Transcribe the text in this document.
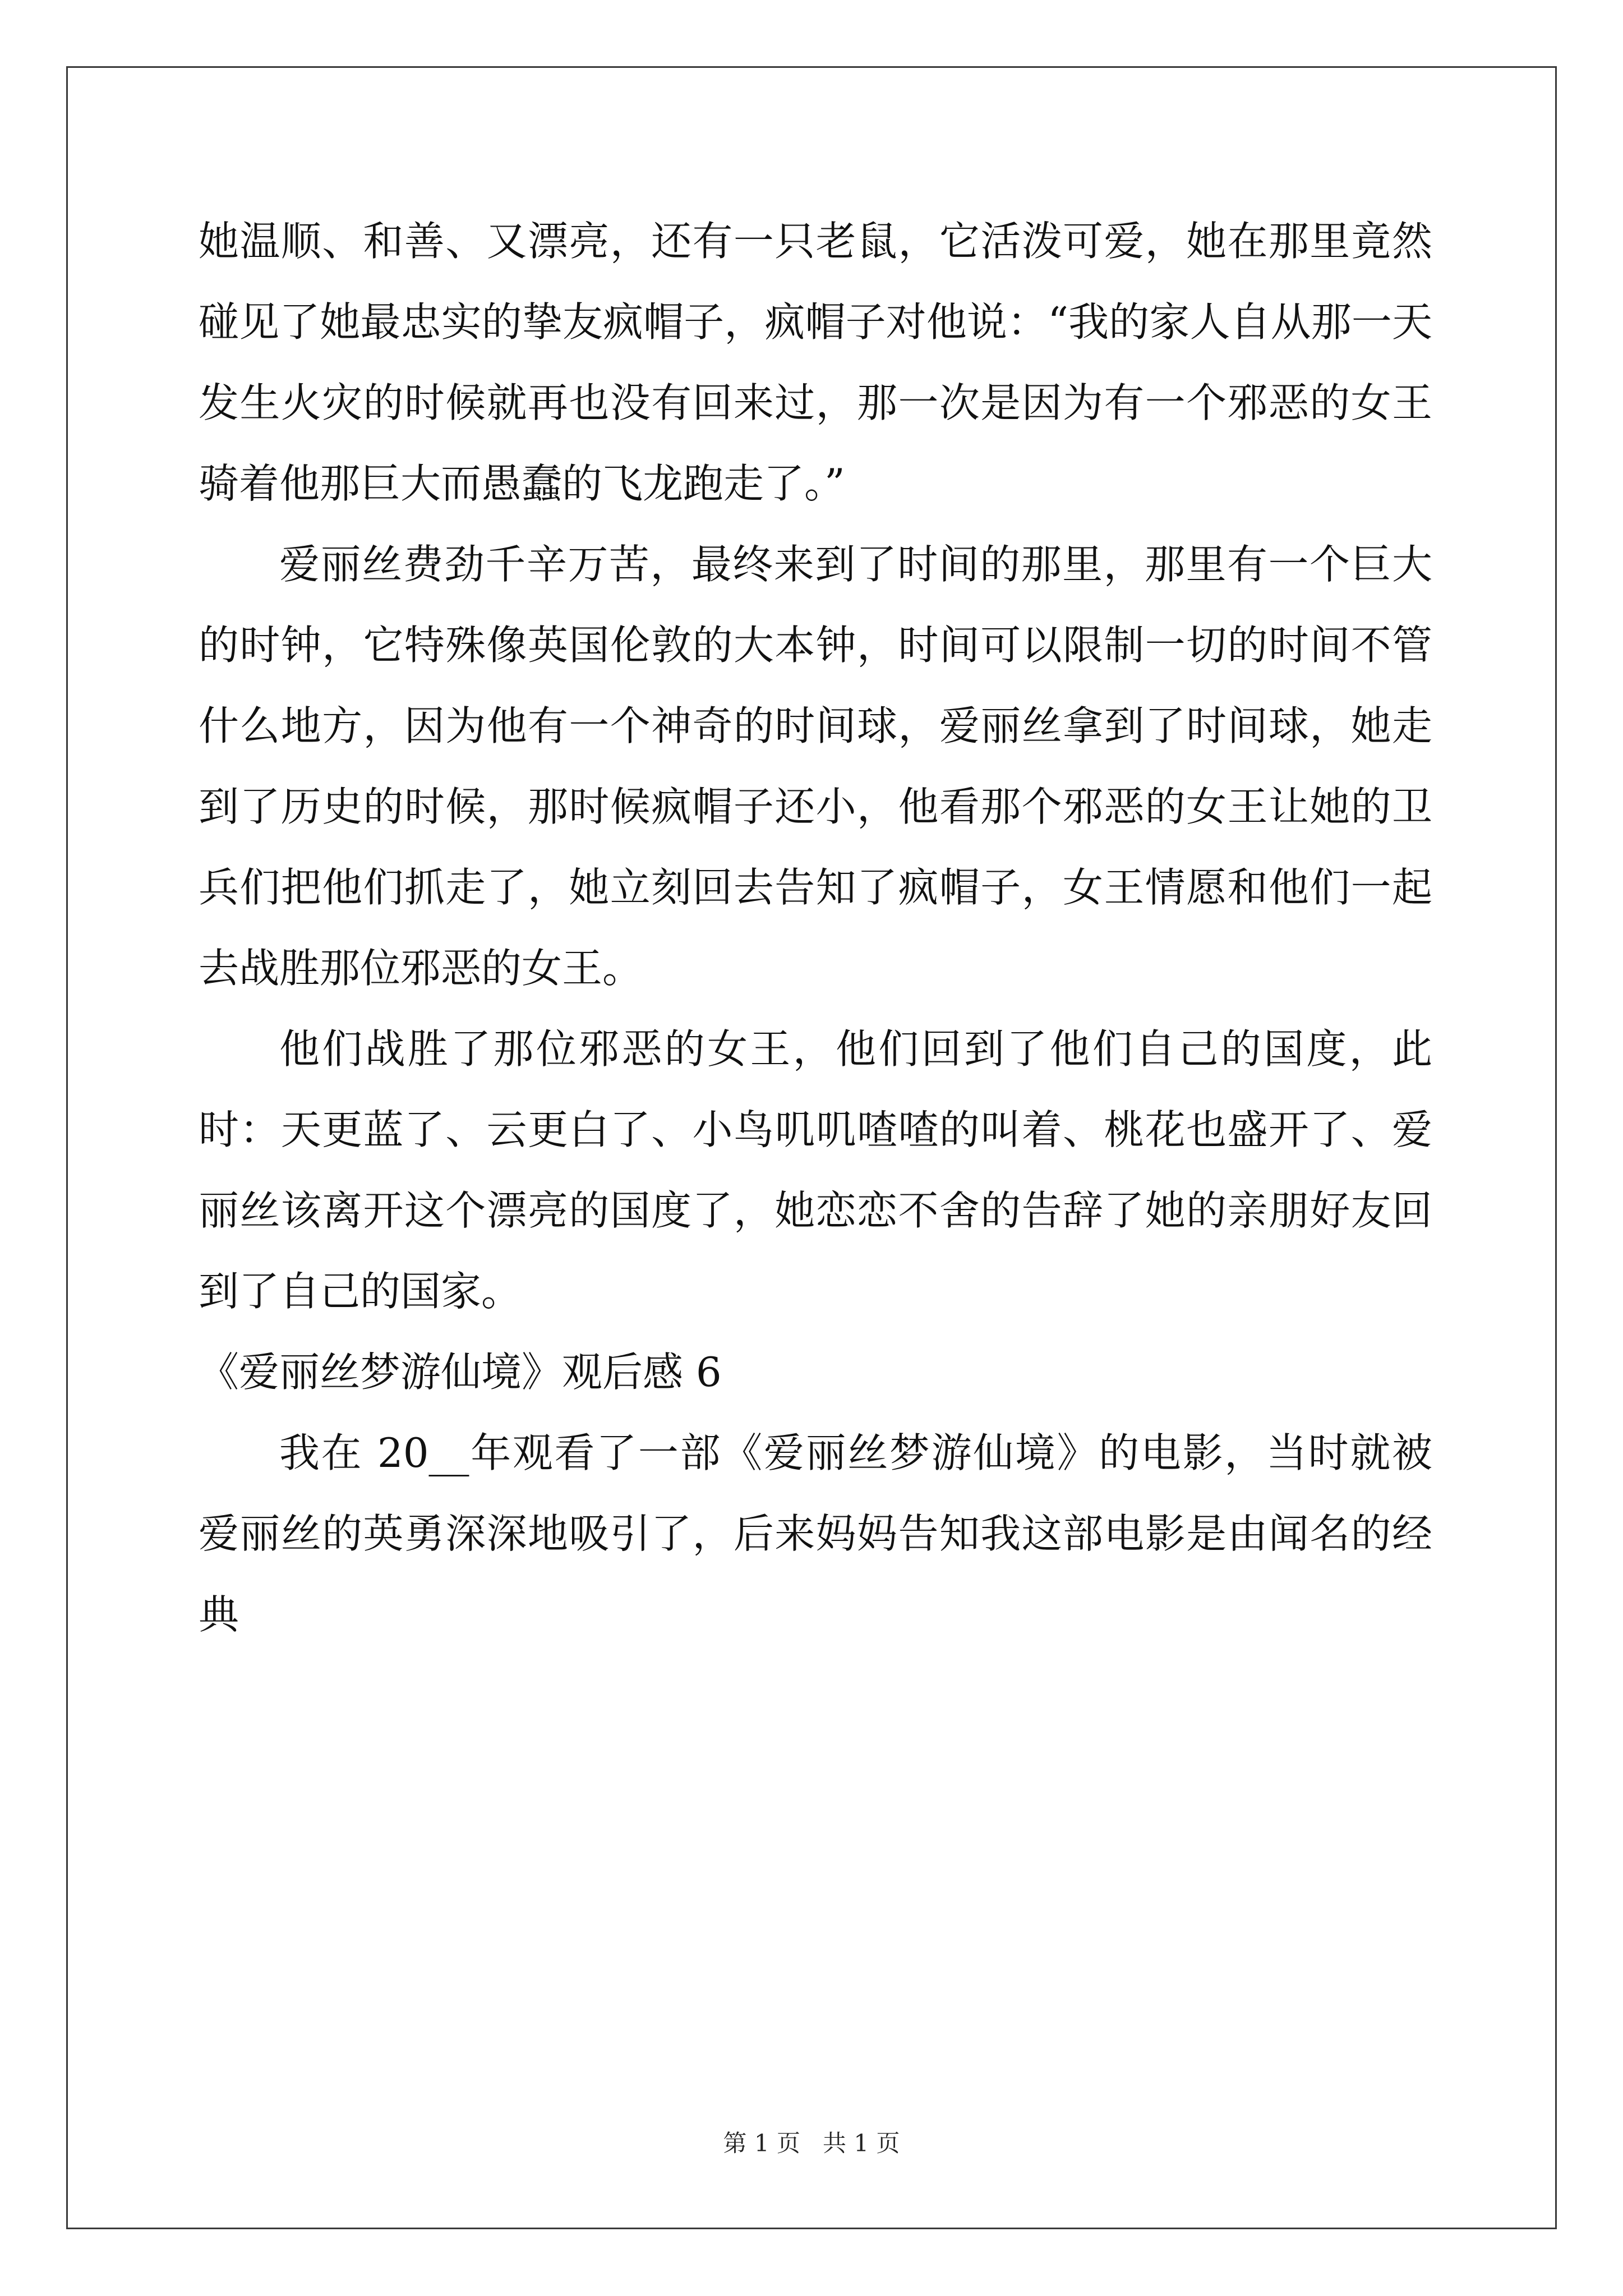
她温顺、和善、又漂亮，还有一只老鼠，它活泼可爱，她在那里竟然碰见了她最忠实的挚友疯帽子，疯帽子对他说：“我的家人自从那一天发生火灾的时候就再也没有回来过，那一次是因为有一个邪恶的女王骑着他那巨大而愚蠢的飞龙跑走了。”

爱丽丝费劲千辛万苦，最终来到了时间的那里，那里有一个巨大的时钟，它特殊像英国伦敦的大本钟，时间可以限制一切的时间不管什么地方，因为他有一个神奇的时间球，爱丽丝拿到了时间球，她走到了历史的时候，那时候疯帽子还小，他看那个邪恶的女王让她的卫兵们把他们抓走了，她立刻回去告知了疯帽子，女王情愿和他们一起去战胜那位邪恶的女王。

他们战胜了那位邪恶的女王，他们回到了他们自己的国度，此时：天更蓝了、云更白了、小鸟叽叽喳喳的叫着、桃花也盛开了、爱丽丝该离开这个漂亮的国度了，她恋恋不舍的告辞了她的亲朋好友回到了自己的国家。

《爱丽丝梦游仙境》观后感 6

我在 20__年观看了一部《爱丽丝梦游仙境》的电影，当时就被爱丽丝的英勇深深地吸引了，后来妈妈告知我这部电影是由闻名的经典

第 1 页   共 1 页
